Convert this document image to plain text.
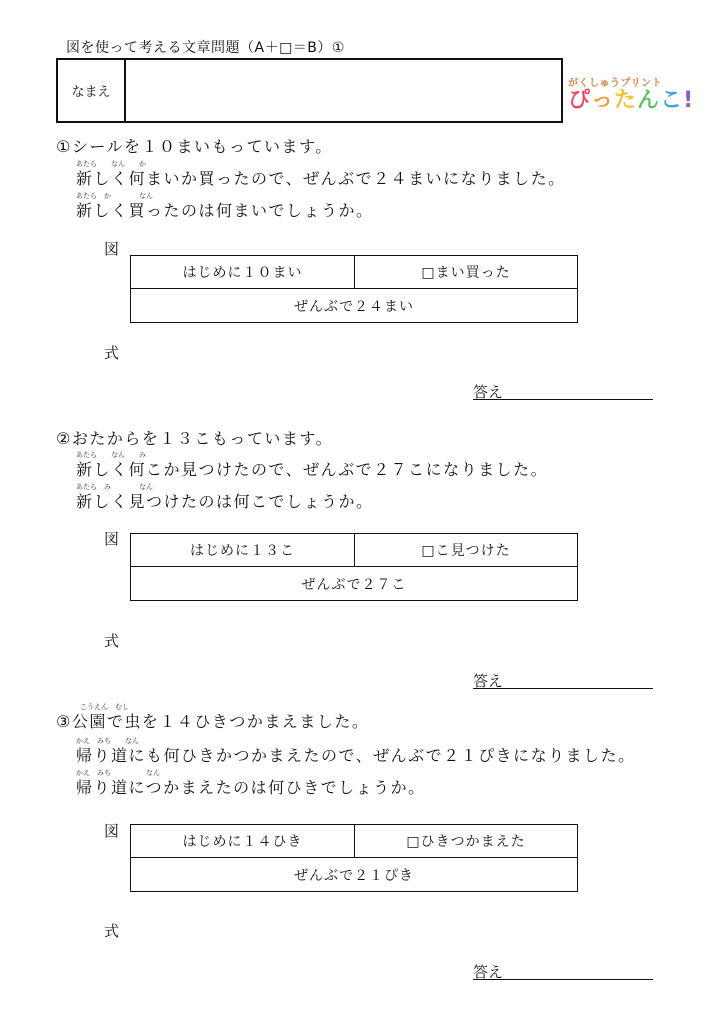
図を使って考える文章問題（A＋□＝B）①
なまえ
がくしゅうプリント
ぴったんこ!
①シールを１０まいもっています。
あたら　　なん　　か
新しく何まいか買ったので、ぜんぶで２４まいになりました。
あたら　か　　　　なん
新しく買ったのは何まいでしょうか。
図
はじめに１０まい	□まい買った
ぜんぶで２４まい
式
答え
②おたからを１３こもっています。
あたら　　なん　　み
新しく何こか見つけたので、ぜんぶで２７こになりました。
あたら　み　　　　なん
新しく見つけたのは何こでしょうか。
図
はじめに１３こ	□こ見つけた
ぜんぶで２７こ
式
答え
こうえん　むし
③公園で虫を１４ひきつかまえました。
かえ　みち　　なん
帰り道にも何ひきかつかまえたので、ぜんぶで２１ぴきになりました。
かえ　みち　　　　　なん
帰り道につかまえたのは何ひきでしょうか。
図
はじめに１４ひき	□ひきつかまえた
ぜんぶで２１ぴき
式
答え
